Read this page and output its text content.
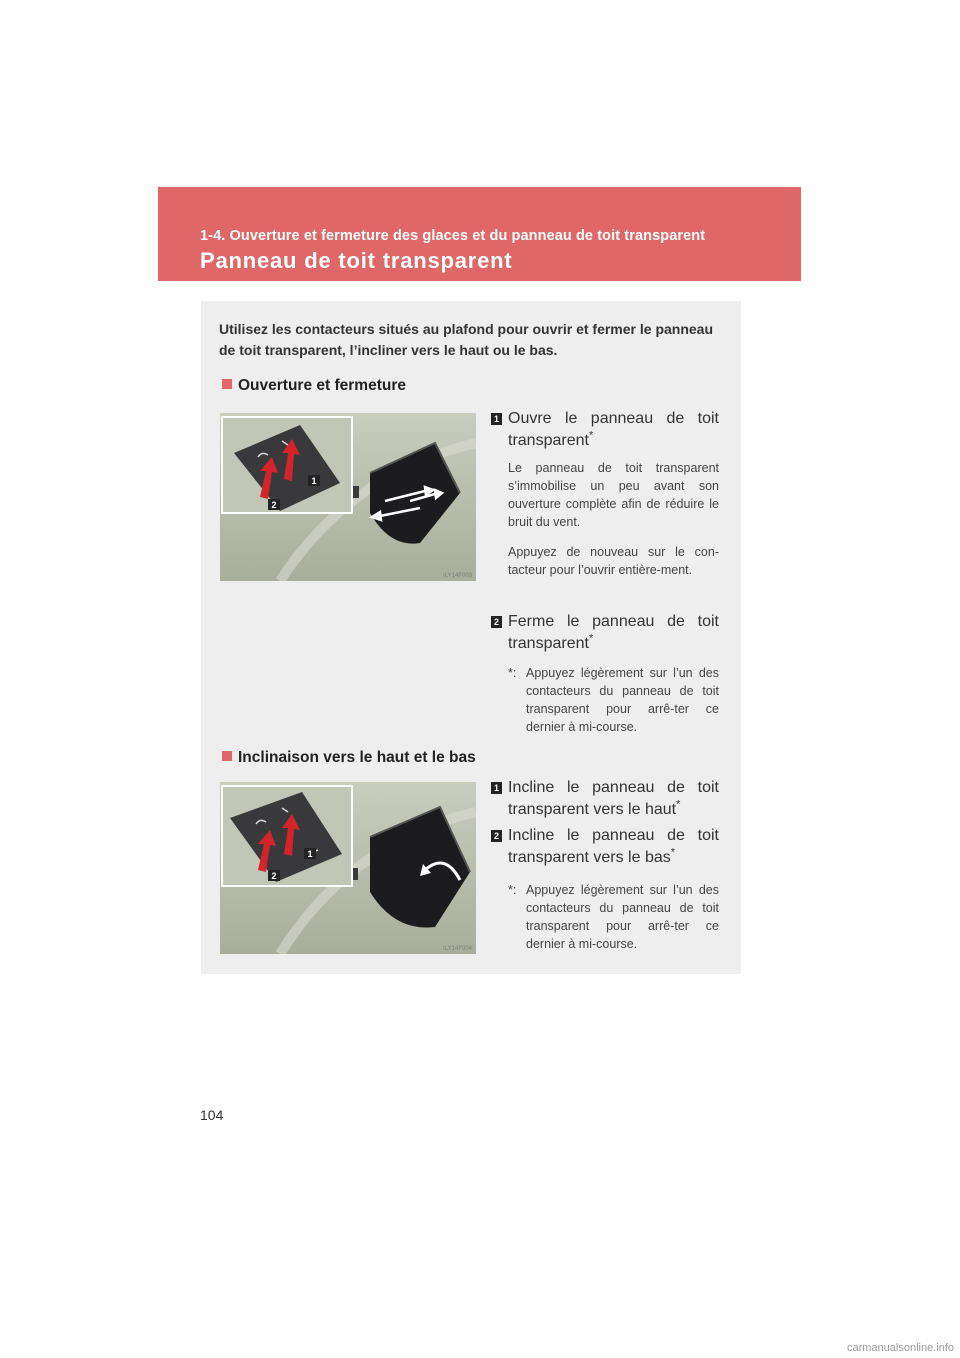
1-4. Ouverture et fermeture des glaces et du panneau de toit transparent
Panneau de toit transparent
Utilisez les contacteurs situés au plafond pour ouvrir et fermer le panneau de toit transparent, l’incliner vers le haut ou le bas.
Ouverture et fermeture
1
2
ILY14F003
1 Ouvre le panneau de toit transparent*
Le panneau de toit transparent s’immobilise un peu avant son ouverture complète afin de réduire le bruit du vent.
Appuyez de nouveau sur le con-tacteur pour l’ouvrir entière-ment.
2 Ferme le panneau de toit transparent*
*: Appuyez légèrement sur l’un des contacteurs du panneau de toit transparent pour arrê-ter ce dernier à mi-course.
Inclinaison vers le haut et le bas
1
2
ILY14F004
1 Incline le panneau de toit transparent vers le haut*
2 Incline le panneau de toit transparent vers le bas*
*: Appuyez légèrement sur l’un des contacteurs du panneau de toit transparent pour arrê-ter ce dernier à mi-course.
104
carmanualsonline.info
